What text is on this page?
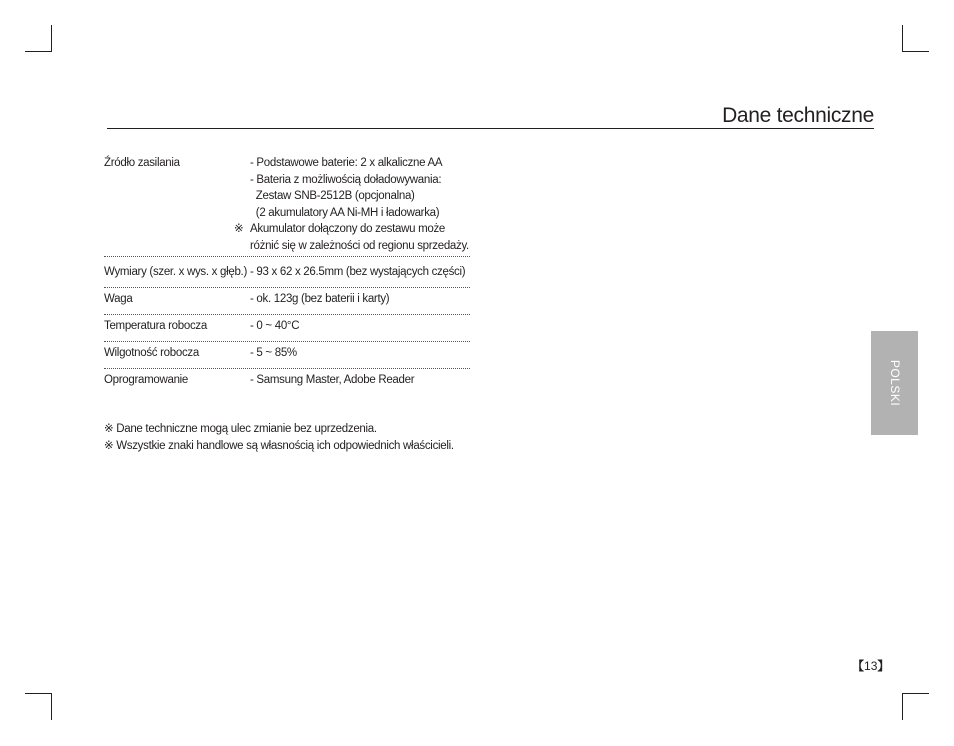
Dane techniczne
Źródło zasilania	- Podstawowe baterie: 2 x alkaliczne AA
- Bateria z możliwością doładowywania:
Zestaw SNB-2512B (opcjonalna)
(2 akumulatory AA Ni-MH i ładowarka)
※ Akumulator dołączony do zestawu może
różnić się w zależności od regionu sprzedaży.
Wymiary (szer. x wys. x głęb.) - 93 x 62 x 26.5mm (bez wystających części)
Waga	- ok. 123g (bez baterii i karty)
Temperatura robocza	- 0 ~ 40°C
Wilgotność robocza	- 5 ~ 85%
Oprogramowanie	- Samsung Master, Adobe Reader
※ Dane techniczne mogą ulec zmianie bez uprzedzenia.
※ Wszystkie znaki handlowe są własnością ich odpowiednich właścicieli.
POLSKI
【13】
